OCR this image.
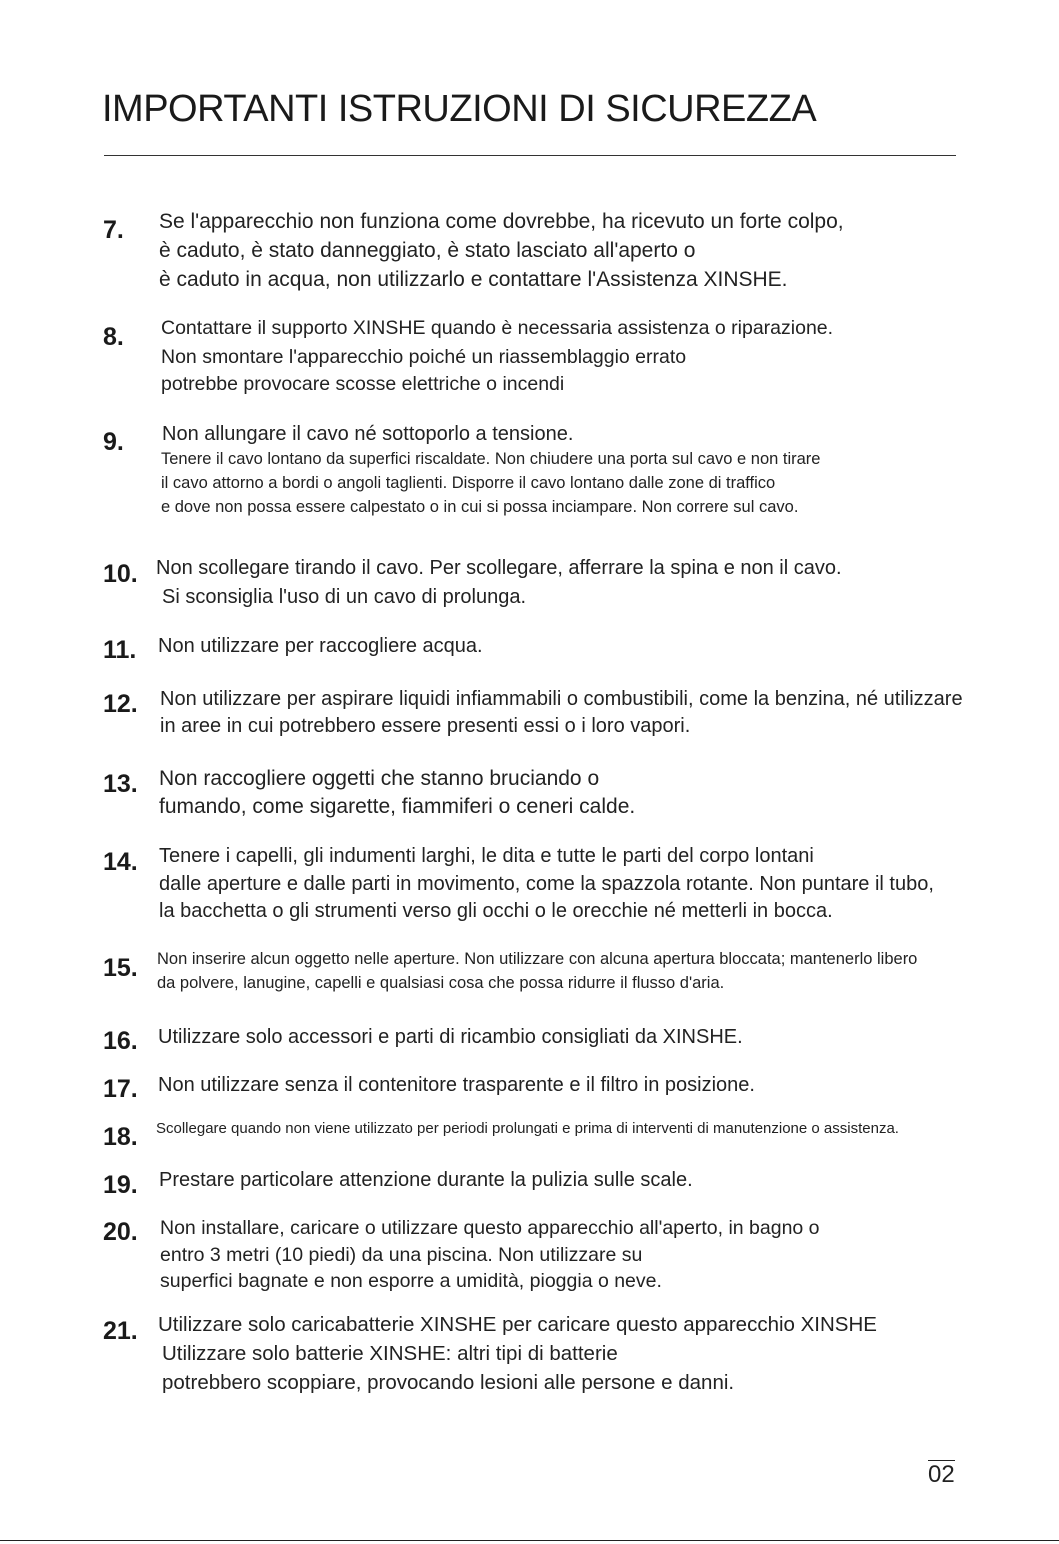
IMPORTANTI ISTRUZIONI DI SICUREZZA
7. Se l'apparecchio non funziona come dovrebbe, ha ricevuto un forte colpo,
è caduto, è stato danneggiato, è stato lasciato all'aperto o
è caduto in acqua, non utilizzarlo e contattare l'Assistenza XINSHE.
8. Contattare il supporto XINSHE quando è necessaria assistenza o riparazione.
Non smontare l'apparecchio poiché un riassemblaggio errato
potrebbe provocare scosse elettriche o incendi
9. Non allungare il cavo né sottoporlo a tensione.
Tenere il cavo lontano da superfici riscaldate. Non chiudere una porta sul cavo e non tirare
il cavo attorno a bordi o angoli taglienti. Disporre il cavo lontano dalle zone di traffico
e dove non possa essere calpestato o in cui si possa inciampare. Non correre sul cavo.
10. Non scollegare tirando il cavo. Per scollegare, afferrare la spina e non il cavo.
Si sconsiglia l'uso di un cavo di prolunga.
11. Non utilizzare per raccogliere acqua.
12. Non utilizzare per aspirare liquidi infiammabili o combustibili, come la benzina, né utilizzare
in aree in cui potrebbero essere presenti essi o i loro vapori.
13. Non raccogliere oggetti che stanno bruciando o
fumando, come sigarette, fiammiferi o ceneri calde.
14. Tenere i capelli, gli indumenti larghi, le dita e tutte le parti del corpo lontani
dalle aperture e dalle parti in movimento, come la spazzola rotante. Non puntare il tubo,
la bacchetta o gli strumenti verso gli occhi o le orecchie né metterli in bocca.
15. Non inserire alcun oggetto nelle aperture. Non utilizzare con alcuna apertura bloccata; mantenerlo libero
da polvere, lanugine, capelli e qualsiasi cosa che possa ridurre il flusso d'aria.
16. Utilizzare solo accessori e parti di ricambio consigliati da XINSHE.
17. Non utilizzare senza il contenitore trasparente e il filtro in posizione.
18. Scollegare quando non viene utilizzato per periodi prolungati e prima di interventi di manutenzione o assistenza.
19. Prestare particolare attenzione durante la pulizia sulle scale.
20. Non installare, caricare o utilizzare questo apparecchio all'aperto, in bagno o
entro 3 metri (10 piedi) da una piscina. Non utilizzare su
superfici bagnate e non esporre a umidità, pioggia o neve.
21. Utilizzare solo caricabatterie XINSHE per caricare questo apparecchio XINSHE
Utilizzare solo batterie XINSHE: altri tipi di batterie
potrebbero scoppiare, provocando lesioni alle persone e danni.
02
